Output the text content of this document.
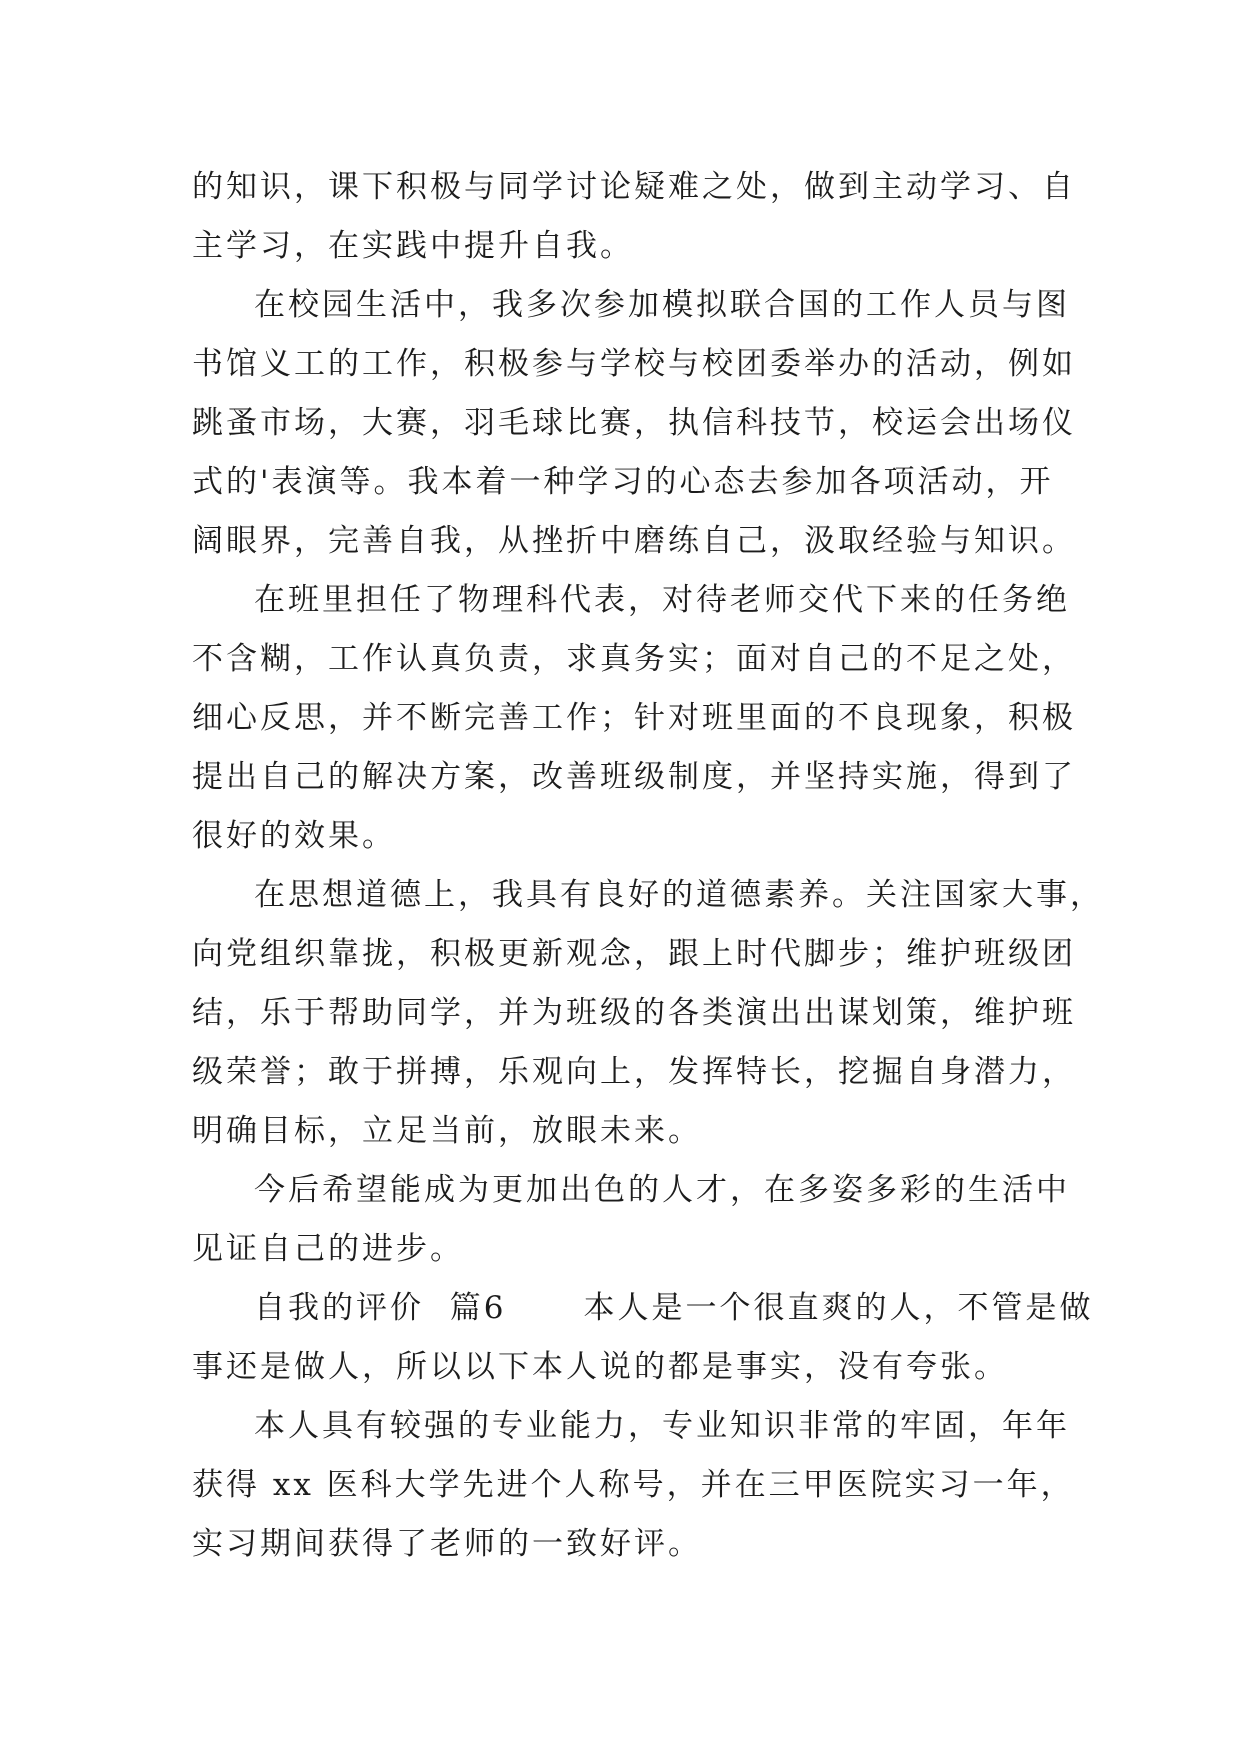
的知识，课下积极与同学讨论疑难之处，做到主动学习、自
主学习，在实践中提升自我。
在校园生活中，我多次参加模拟联合国的工作人员与图
书馆义工的工作，积极参与学校与校团委举办的活动，例如
跳蚤市场，大赛，羽毛球比赛，执信科技节，校运会出场仪
式的'表演等。我本着一种学习的心态去参加各项活动，开
阔眼界，完善自我，从挫折中磨练自己，汲取经验与知识。
在班里担任了物理科代表，对待老师交代下来的任务绝
不含糊，工作认真负责，求真务实；面对自己的不足之处，
细心反思，并不断完善工作；针对班里面的不良现象，积极
提出自己的解决方案，改善班级制度，并坚持实施，得到了
很好的效果。
在思想道德上，我具有良好的道德素养。关注国家大事，
向党组织靠拢，积极更新观念，跟上时代脚步；维护班级团
结，乐于帮助同学，并为班级的各类演出出谋划策，维护班
级荣誉；敢于拼搏，乐观向上，发挥特长，挖掘自身潜力，
明确目标，立足当前，放眼未来。
今后希望能成为更加出色的人才，在多姿多彩的生活中
见证自己的进步。
自我的评价  篇6      本人是一个很直爽的人，不管是做
事还是做人，所以以下本人说的都是事实，没有夸张。
本人具有较强的专业能力，专业知识非常的牢固，年年
获得 xx 医科大学先进个人称号，并在三甲医院实习一年，
实习期间获得了老师的一致好评。
